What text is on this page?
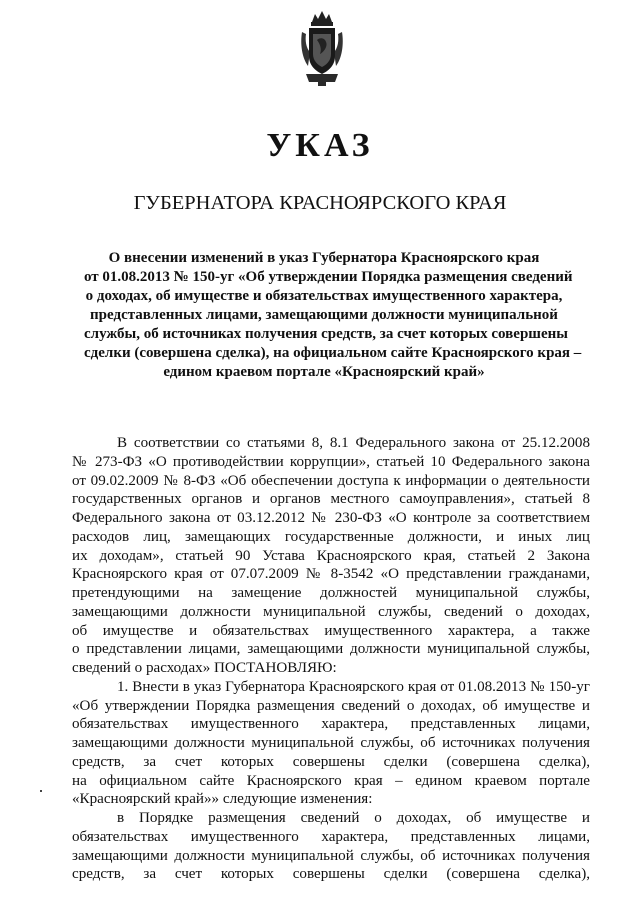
УКАЗ
ГУБЕРНАТОРА КРАСНОЯРСКОГО КРАЯ
О внесении изменений в указ Губернатора Красноярского края
от 01.08.2013 № 150-уг «Об утверждении Порядка размещения сведений
о доходах, об имуществе и обязательствах имущественного характера,
представленных лицами, замещающими должности муниципальной
службы, об источниках получения средств, за счет которых совершены
сделки (совершена сделка), на официальном сайте Красноярского края –
едином краевом портале «Красноярский край»
В соответствии со статьями 8, 8.1 Федерального закона от 25.12.2008
№ 273-ФЗ «О противодействии коррупции», статьей 10 Федерального закона
от 09.02.2009 № 8-ФЗ «Об обеспечении доступа к информации о деятельности
государственных органов и органов местного самоуправления», статьей 8
Федерального закона от 03.12.2012 № 230-ФЗ «О контроле за соответствием
расходов лиц, замещающих государственные должности, и иных лиц
их доходам», статьей 90 Устава Красноярского края, статьей 2 Закона
Красноярского края от 07.07.2009 № 8-3542 «О представлении гражданами,
претендующими на замещение должностей муниципальной службы,
замещающими должности муниципальной службы, сведений о доходах,
об имуществе и обязательствах имущественного характера, а также
о представлении лицами, замещающими должности муниципальной службы,
сведений о расходах» ПОСТАНОВЛЯЮ:
1. Внести в указ Губернатора Красноярского края от 01.08.2013 № 150-уг
«Об утверждении Порядка размещения сведений о доходах, об имуществе и
обязательствах имущественного характера, представленных лицами,
замещающими должности муниципальной службы, об источниках получения
средств, за счет которых совершены сделки (совершена сделка),
на официальном сайте Красноярского края – едином краевом портале
«Красноярский край»» следующие изменения:
в Порядке размещения сведений о доходах, об имуществе и
обязательствах имущественного характера, представленных лицами,
замещающими должности муниципальной службы, об источниках получения
средств, за счет которых совершены сделки (совершена сделка),
